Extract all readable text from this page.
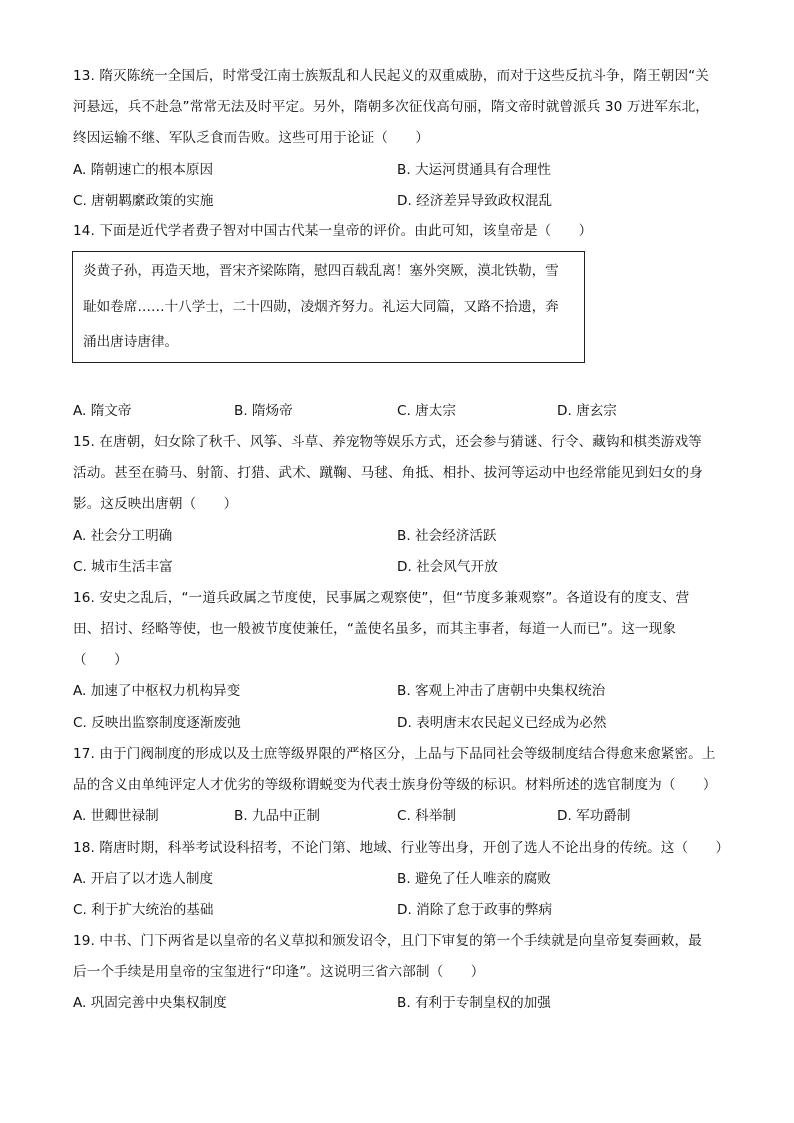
13. 隋灭陈统一全国后，时常受江南士族叛乱和人民起义的双重威胁，而对于这些反抗斗争，隋王朝因“关
河悬远，兵不赴急”常常无法及时平定。另外，隋朝多次征伐高句丽，隋文帝时就曾派兵 30 万进军东北，
终因运输不继、军队乏食而告败。这些可用于论证（　　）
A. 隋朝速亡的根本原因	B. 大运河贯通具有合理性
C. 唐朝羁縻政策的实施	D. 经济差异导致政权混乱
14. 下面是近代学者费子智对中国古代某一皇帝的评价。由此可知，该皇帝是（　　）
炎黄子孙，再造天地，晋宋齐梁陈隋，慰四百载乱离！塞外突厥，漠北铁勒，雪
耻如卷席……十八学士，二十四勋，凌烟齐努力。礼运大同篇，又路不拾遗，奔
涌出唐诗唐律。
A. 隋文帝	B. 隋炀帝	C. 唐太宗	D. 唐玄宗
15. 在唐朝，妇女除了秋千、风筝、斗草、养宠物等娱乐方式，还会参与猜谜、行令、藏钩和棋类游戏等
活动。甚至在骑马、射箭、打猎、武术、蹴鞠、马毬、角抵、相扑、拔河等运动中也经常能见到妇女的身
影。这反映出唐朝（　　）
A. 社会分工明确	B. 社会经济活跃
C. 城市生活丰富	D. 社会风气开放
16. 安史之乱后，“一道兵政属之节度使，民事属之观察使”，但“节度多兼观察”。各道设有的度支、营
田、招讨、经略等使，也一般被节度使兼任，“盖使名虽多，而其主事者，每道一人而已”。这一现象
（　　）
A. 加速了中枢权力机构异变	B. 客观上冲击了唐朝中央集权统治
C. 反映出监察制度逐渐废弛	D. 表明唐末农民起义已经成为必然
17. 由于门阀制度的形成以及士庶等级界限的严格区分，上品与下品同社会等级制度结合得愈来愈紧密。上
品的含义由单纯评定人才优劣的等级称谓蜕变为代表士族身份等级的标识。材料所述的选官制度为（　　）
A. 世卿世禄制	B. 九品中正制	C. 科举制	D. 军功爵制
18. 隋唐时期，科举考试设科招考，不论门第、地域、行业等出身，开创了选人不论出身的传统。这（　　）
A. 开启了以才选人制度	B. 避免了任人唯亲的腐败
C. 利于扩大统治的基础	D. 消除了怠于政事的弊病
19. 中书、门下两省是以皇帝的名义草拟和颁发诏令，且门下审复的第一个手续就是向皇帝复奏画敕，最
后一个手续是用皇帝的宝玺进行“印逢”。这说明三省六部制（　　）
A. 巩固完善中央集权制度	B. 有利于专制皇权的加强
